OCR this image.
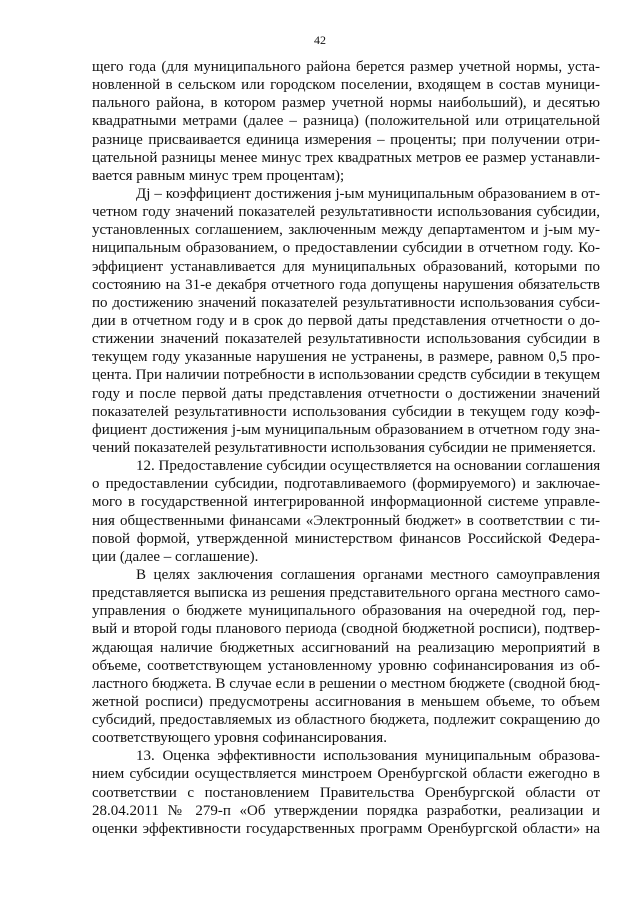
42
щего года (для муниципального района берется размер учетной нормы, уста-
новленной в сельском или городском поселении, входящем в состав муници-
пального района, в котором размер учетной нормы наибольший), и десятью
квадратными метрами (далее – разница) (положительной или отрицательной
разнице присваивается единица измерения – проценты; при получении отри-
цательной разницы менее минус трех квадратных метров ее размер устанавли-
вается равным минус трем процентам);
Дj – коэффициент достижения j-ым муниципальным образованием в от-
четном году значений показателей результативности использования субсидии,
установленных соглашением, заключенным между департаментом и j-ым му-
ниципальным образованием, о предоставлении субсидии в отчетном году. Ко-
эффициент устанавливается для муниципальных образований, которыми по
состоянию на 31-е декабря отчетного года допущены нарушения обязательств
по достижению значений показателей результативности использования субси-
дии в отчетном году и в срок до первой даты представления отчетности о до-
стижении значений показателей результативности использования субсидии в
текущем году указанные нарушения не устранены, в размере, равном 0,5 про-
цента. При наличии потребности в использовании средств субсидии в текущем
году и после первой даты представления отчетности о достижении значений
показателей результативности использования субсидии в текущем году коэф-
фициент достижения j-ым муниципальным образованием в отчетном году зна-
чений показателей результативности использования субсидии не применяется.
12. Предоставление субсидии осуществляется на основании соглашения
о предоставлении субсидии, подготавливаемого (формируемого) и заключае-
мого в государственной интегрированной информационной системе управле-
ния общественными финансами «Электронный бюджет» в соответствии с ти-
повой формой, утвержденной министерством финансов Российской Федера-
ции (далее – соглашение).
В целях заключения соглашения органами местного самоуправления
представляется выписка из решения представительного органа местного само-
управления о бюджете муниципального образования на очередной год, пер-
вый и второй годы планового периода (сводной бюджетной росписи), подтвер-
ждающая наличие бюджетных ассигнований на реализацию мероприятий в
объеме, соответствующем установленному уровню софинансирования из об-
ластного бюджета. В случае если в решении о местном бюджете (сводной бюд-
жетной росписи) предусмотрены ассигнования в меньшем объеме, то объем
субсидий, предоставляемых из областного бюджета, подлежит сокращению до
соответствующего уровня софинансирования.
13. Оценка эффективности использования муниципальным образова-
нием субсидии осуществляется минстроем Оренбургской области ежегодно в
соответствии с постановлением Правительства Оренбургской области от
28.04.2011 № 279-п «Об утверждении порядка разработки, реализации и
оценки эффективности государственных программ Оренбургской области» на
